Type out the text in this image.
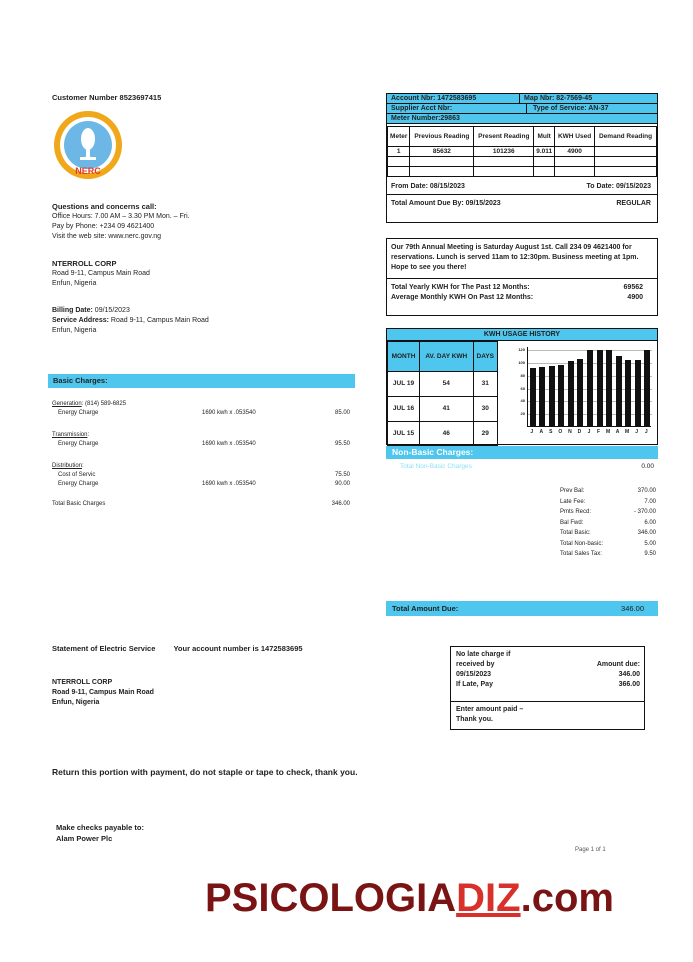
Customer Number 8523697415
NERC
Questions and concerns call:
Office Hours: 7.00 AM – 3.30 PM Mon. – Fri.
Pay by Phone: +234 09 4621400
Visit the web site: www.nerc.gov.ng
NTERROLL CORP
Road 9-11, Campus Main Road
Enfun, Nigeria
Billing Date: 09/15/2023
Service Address: Road 9-11, Campus Main Road
Enfun, Nigeria
Account Nbr: 1472583695	Map Nbr: 82-7569-45
Supplier Acct Nbr:	Type of Service: AN-37
Meter Number:29863
Meter	Previous Reading	Present Reading	Mult	KWH Used	Demand Reading
1	85632	101236	9.011	4900	

From Date: 08/15/2023	To Date: 09/15/2023
Total Amount Due By: 09/15/2023	REGULAR
Our 79th Annual Meeting is Saturday August 1st. Call 234 09 4621400 for reservations. Lunch is served 11am to 12:30pm. Business meeting at 1pm. Hope to see you there!
Total Yearly KWH for The Past 12 Months:	69562
Average Monthly KWH On Past 12 Months:	4900
KWH USAGE HISTORY
MONTH	AV. DAY KWH	DAYS
JUL 19	54	31
JUL 16	41	30
JUL 15	46	29
120
100
80
60
40
20
J	A	S	O	N	D	J	F	M	A	M	J	J
Non-Basic Charges:
Total Non-Basic Charges	0.00
Prev Bal:	370.00
Late Fee:	7.00
Pmts Recd:	- 370.00
Bal Fwd:	6.00
Total Basic:	346.00
Total Non-basic:	5.00
Total Sales Tax:	9.50
Basic Charges:
Generation: (814) 589-6825
Energy Charge	1690 kwh x .053540	85.00
Transmission:
Energy Charge	1690 kwh x .053540	95.50
Distribution:
Cost of Servic	75.50
Energy Charge	1690 kwh x .053540	90.00
Total Basic Charges	346.00
Total Amount Due:	346.00
Statement of Electric Service Your account number is 1472583695
NTERROLL CORP
Road 9-11, Campus Main Road
Enfun, Nigeria
No late charge if
received by
09/15/2023
If Late, Pay
Amount due:
346.00
366.00
Enter amount paid –
Thank you.
Return this portion with payment, do not staple or tape to check, thank you.
Make checks payable to:
Alam Power Plc
Page 1 of 1
PSICOLOGIADIZ.com
